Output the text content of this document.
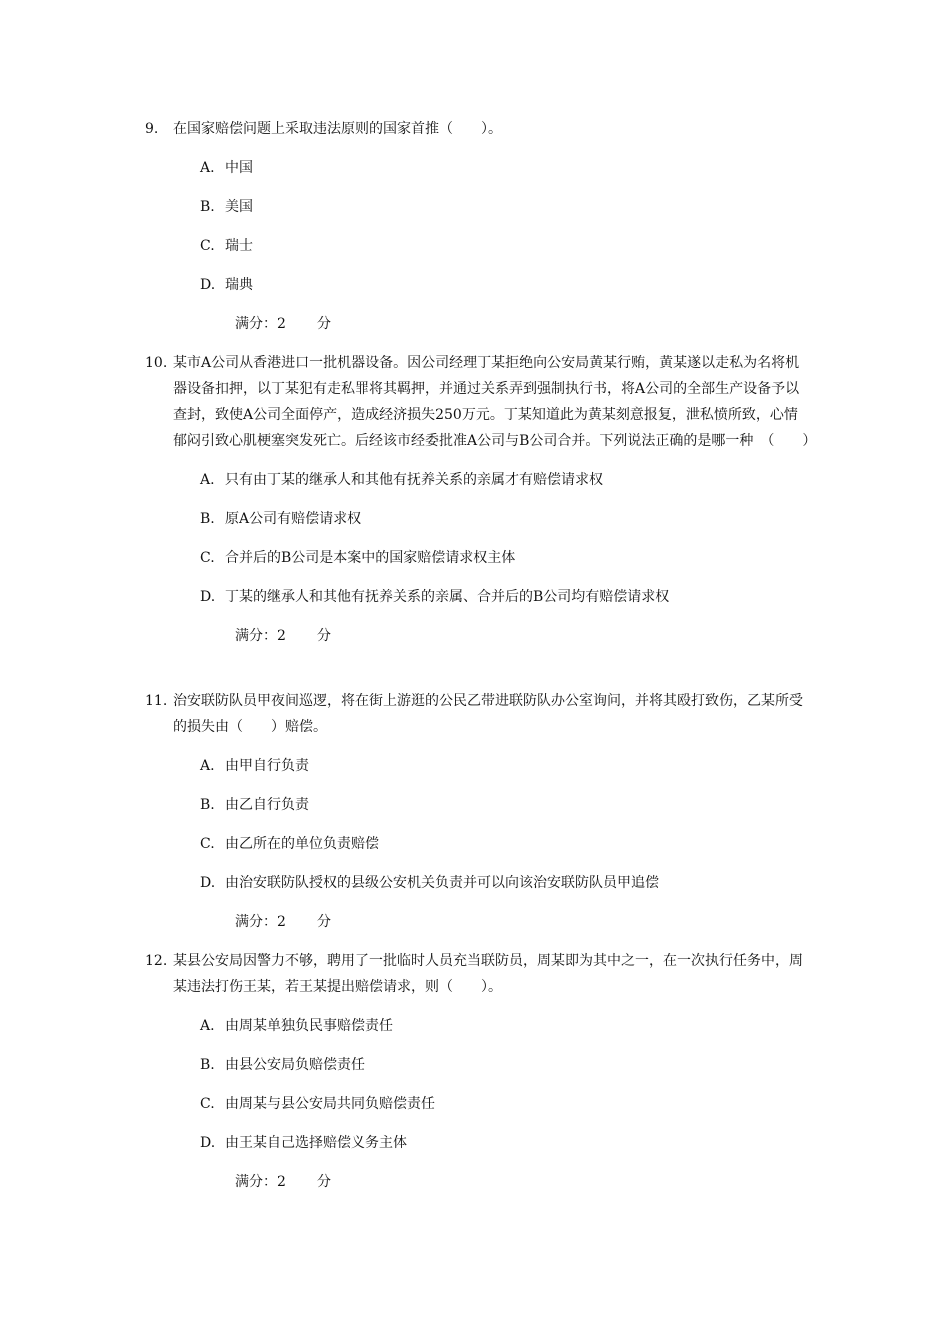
9.	在国家赔偿问题上采取违法原则的国家首推（　　）。

A. 中国
B. 美国
C. 瑞士
D. 瑞典
满分：2 分

10. 某市A公司从香港进口一批机器设备。因公司经理丁某拒绝向公安局黄某行贿，黄某遂以走私为名将机器设备扣押，以丁某犯有走私罪将其羁押，并通过关系弄到强制执行书，将A公司的全部生产设备予以查封，致使A公司全面停产，造成经济损失250万元。丁某知道此为黄某刻意报复，泄私愤所致，心情郁闷引致心肌梗塞突发死亡。后经该市经委批准A公司与B公司合并。下列说法正确的是哪一种　（　　）

A. 只有由丁某的继承人和其他有抚养关系的亲属才有赔偿请求权
B. 原A公司有赔偿请求权
C. 合并后的B公司是本案中的国家赔偿请求权主体
D. 丁某的继承人和其他有抚养关系的亲属、合并后的B公司均有赔偿请求权
满分：2 分

11. 治安联防队员甲夜间巡逻，将在街上游逛的公民乙带进联防队办公室询问，并将其殴打致伤，乙某所受的损失由（　　）赔偿。

A. 由甲自行负责
B. 由乙自行负责
C. 由乙所在的单位负责赔偿
D. 由治安联防队授权的县级公安机关负责并可以向该治安联防队员甲追偿
满分：2 分

12. 某县公安局因警力不够，聘用了一批临时人员充当联防员，周某即为其中之一，在一次执行任务中，周某违法打伤王某，若王某提出赔偿请求，则（　　）。

A. 由周某单独负民事赔偿责任
B. 由县公安局负赔偿责任
C. 由周某与县公安局共同负赔偿责任
D. 由王某自己选择赔偿义务主体
满分：2 分
